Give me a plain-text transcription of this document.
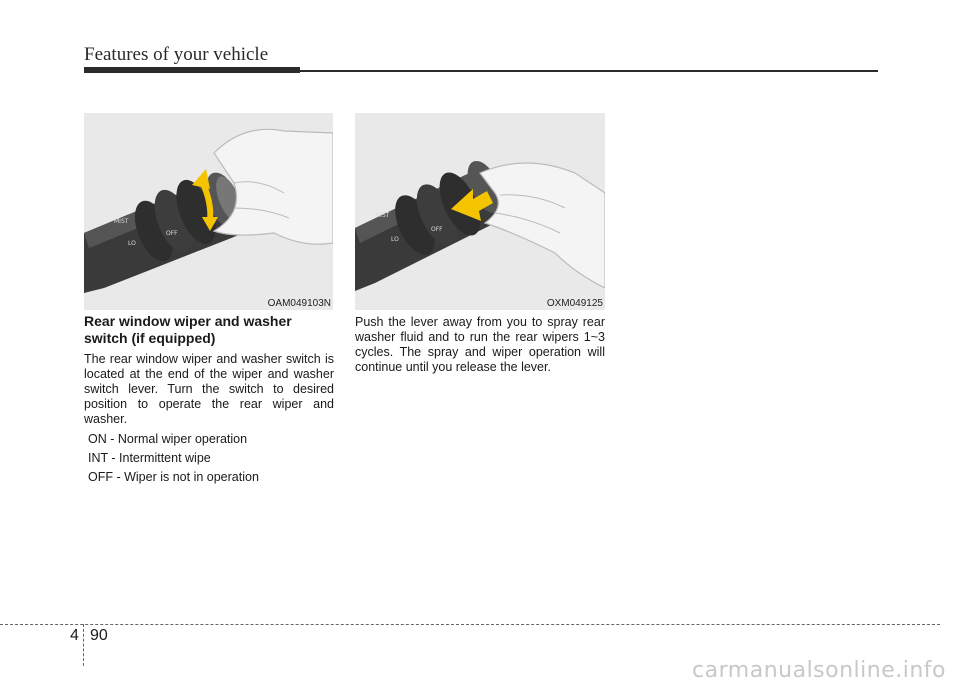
Features of your vehicle
MIST
LO
OFF
OAM049103N
MIST
LO
OFF
OXM049125
Rear window wiper and washer switch (if equipped)
The rear window wiper and washer switch is located at the end of the wiper and washer switch lever. Turn the switch to desired position to operate the rear wiper and washer.
ON - Normal wiper operation
INT - Intermittent wipe
OFF - Wiper is not in operation
Push the lever away from you to spray rear washer fluid and to run the rear wipers 1~3 cycles. The spray and wiper operation will continue until you release the lever.
4 90
carmanualsonline.info
